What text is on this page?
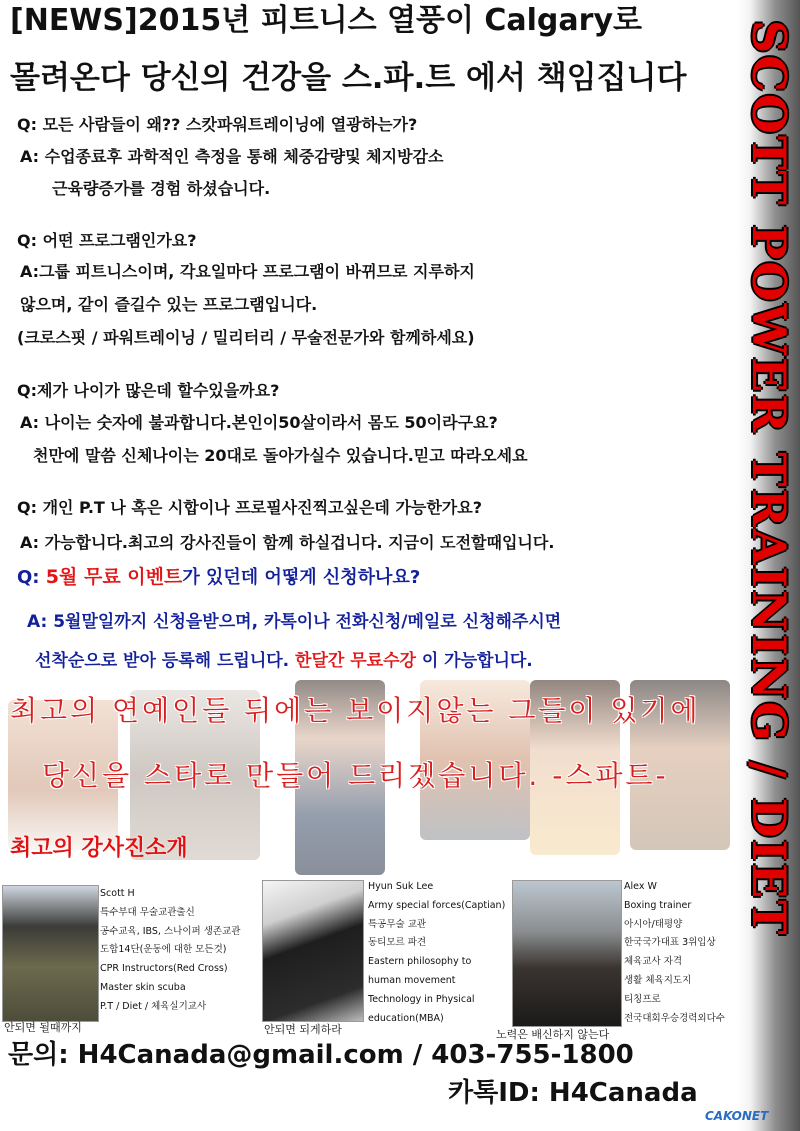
SCOTT POWER TRAINING / DIET
[NEWS]2015년 피트니스 열풍이 Calgary로
몰려온다 당신의 건강을 스.파.트 에서 책임집니다
Q: 모든 사람들이 왜?? 스캇파워트레이닝에 열광하는가?
A: 수업종료후 과학적인 측정을 통해 체중감량및 체지방감소
근육량증가를 경험 하셨습니다.
Q: 어떤 프로그램인가요?
A:그룹 피트니스이며, 각요일마다 프로그램이 바뀌므로 지루하지
않으며, 같이 즐길수 있는 프로그램입니다.
(크로스핏 / 파워트레이닝 / 밀리터리 / 무술전문가와 함께하세요)
Q:제가 나이가 많은데 할수있을까요?
A: 나이는 숫자에 불과합니다.본인이50살이라서 몸도 50이라구요?
천만에 말씀 신체나이는 20대로 돌아가실수 있습니다.믿고 따라오세요
Q: 개인 P.T 나 혹은 시합이나 프로필사진찍고싶은데 가능한가요?
A: 가능합니다.최고의 강사진들이 함께 하실겁니다. 지금이 도전할때입니다.
Q: 5월 무료 이벤트가 있던데 어떻게 신청하나요?
A: 5월말일까지 신청을받으며, 카톡이나 전화신청/메일로 신청해주시면
선착순으로 받아 등록해 드립니다. 한달간 무료수강 이 가능합니다.
최고의 연예인들 뒤에는 보이지않는 그들이 있기에
당신을 스타로 만들어 드리겠습니다. -스파트-
최고의 강사진소개
Scott H
특수부대 무술교관출신
공수교육, IBS, 스나이퍼 생존교관
도합14단(운동에 대한 모든것)
CPR Instructors(Red Cross)
Master skin scuba
P.T / Diet / 체육실기교사
안되면 될때까지
Hyun Suk Lee
Army special forces(Captian)
특공무술 교관
동티모르 파견
Eastern philosophy to
human movement
Technology in Physical
education(MBA)
안되면 되게하라
Alex W
Boxing trainer
아시아/태평양
한국국가대표 3위입상
체육교사 자격
생활 체육지도지
티칭프로
전국대회우승경력외다수
노력은 배신하지 않는다
문의: H4Canada@gmail.com / 403-755-1800
카톡ID: H4Canada
CAKONET
